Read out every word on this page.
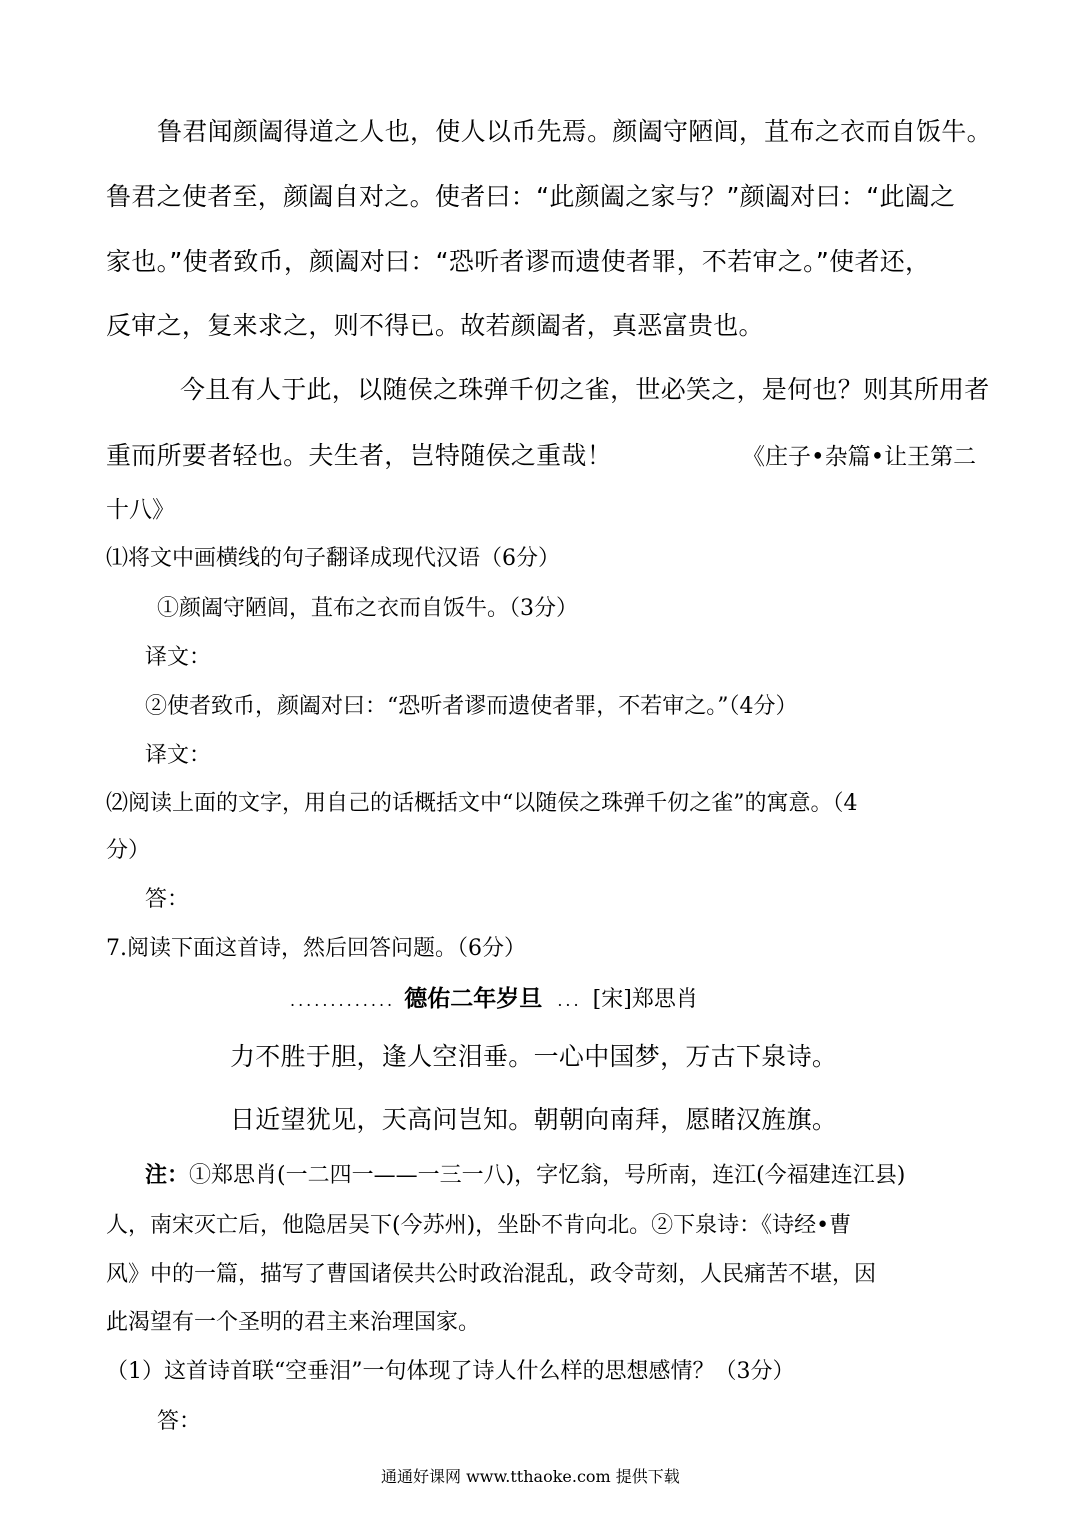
鲁君闻颜阖得道之人也，使人以币先焉。颜阖守陋闾，苴布之衣而自饭牛。
鲁君之使者至，颜阖自对之。使者曰：“此颜阖之家与？”颜阖对曰：“此阖之
家也。”使者致币，颜阖对曰：“恐听者谬而遗使者罪，不若审之。”使者还，
反审之，复来求之，则不得已。故若颜阖者，真恶富贵也。
今且有人于此，以随侯之珠弹千仞之雀，世必笑之，是何也？则其所用者
重而所要者轻也。夫生者，岂特随侯之重哉！	《庄子•杂篇•让王第二
十八》
⑴将文中画横线的句子翻译成现代汉语（6分）
①颜阖守陋闾，苴布之衣而自饭牛。（3分）
译文：
②使者致币，颜阖对曰：“恐听者谬而遗使者罪，不若审之。”（4分）
译文：
⑵阅读上面的文字，用自己的话概括文中“以随侯之珠弹千仞之雀”的寓意。（4
分）
答：
7.阅读下面这首诗，然后回答问题。（6分）
............. 德佑二年岁旦 ... [宋]郑思肖
力不胜于胆，逢人空泪垂。一心中国梦，万古下泉诗。
日近望犹见，天高问岂知。朝朝向南拜，愿睹汉旌旗。
注：①郑思肖(一二四一——一三一八)，字忆翁，号所南，连江(今福建连江县)
人，南宋灭亡后，他隐居吴下(今苏州)，坐卧不肯向北。②下泉诗：《诗经•曹
风》中的一篇，描写了曹国诸侯共公时政治混乱，政令苛刻，人民痛苦不堪，因
此渴望有一个圣明的君主来治理国家。
（1）这首诗首联“空垂泪”一句体现了诗人什么样的思想感情？（3分）
答：
通通好课网 www.tthaoke.com 提供下载
